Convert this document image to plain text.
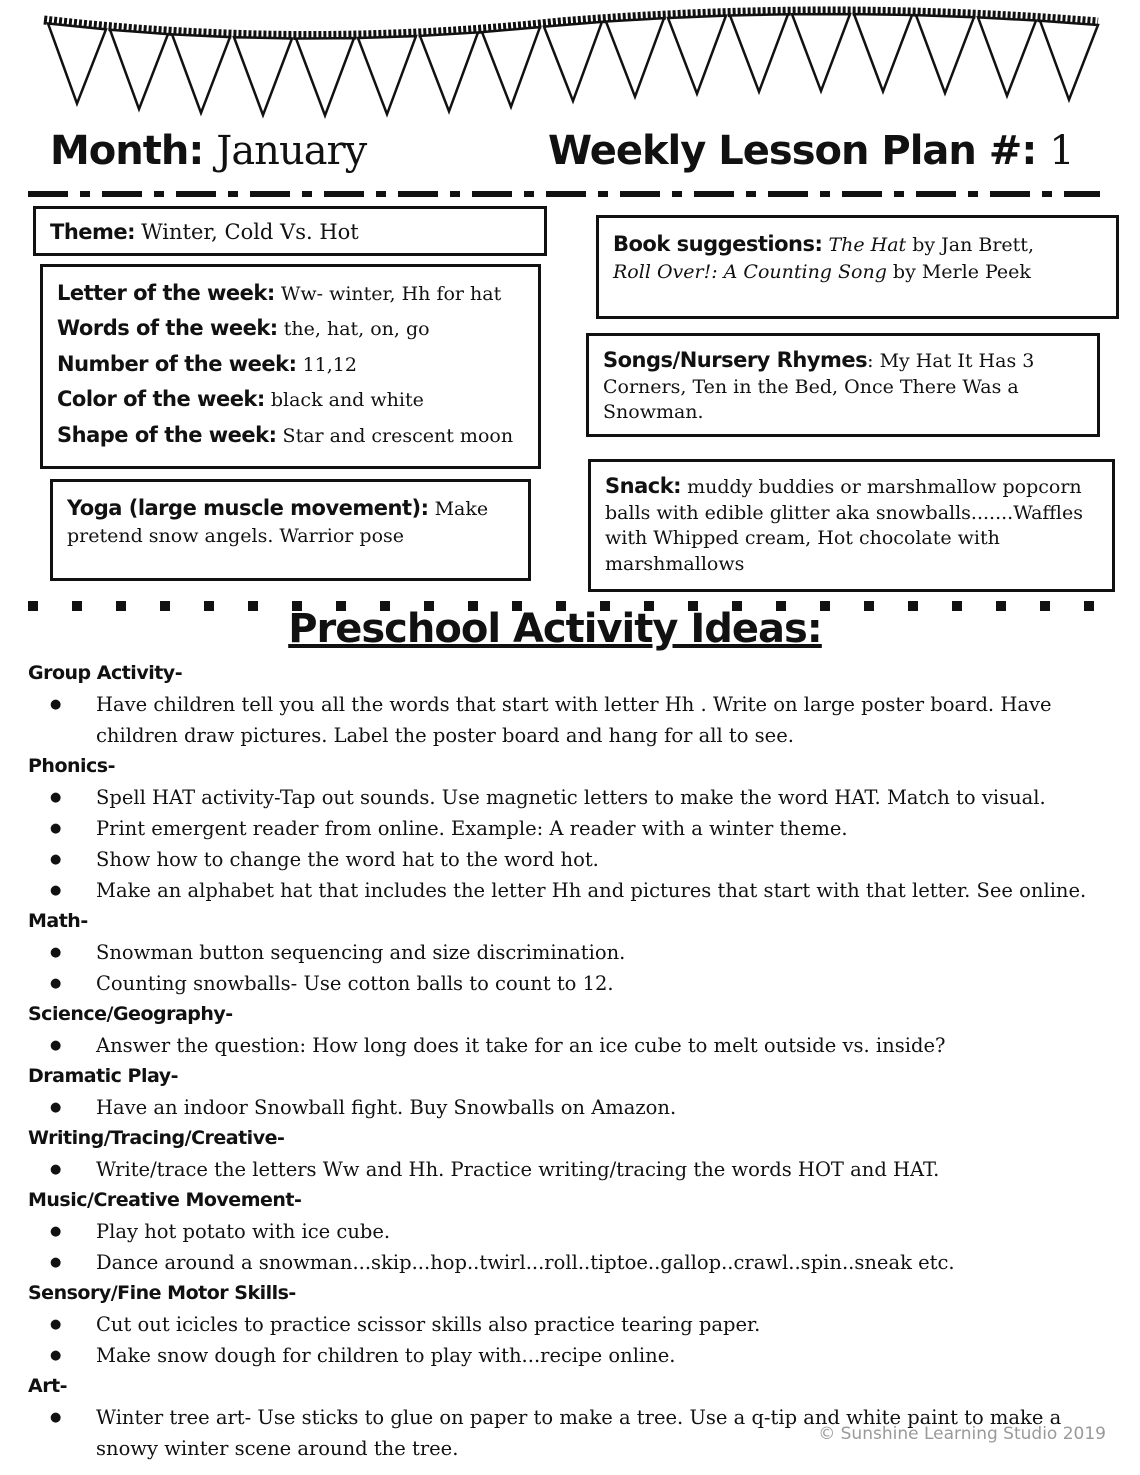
Month: January	Weekly Lesson Plan #: 1
Theme: Winter, Cold Vs. Hot
Letter of the week: Ww- winter, Hh for hat
Words of the week: the, hat, on, go
Number of the week: 11,12
Color of the week: black and white
Shape of the week: Star and crescent moon
Yoga (large muscle movement): Make pretend snow angels. Warrior pose
Book suggestions: The Hat by Jan Brett,
Roll Over!: A Counting Song by Merle Peek
Songs/Nursery Rhymes: My Hat It Has 3 Corners, Ten in the Bed, Once There Was a Snowman.
Snack: muddy buddies or marshmallow popcorn balls with edible glitter aka snowballs.......Waffles with Whipped cream, Hot chocolate with marshmallows
Preschool Activity Ideas:
Group Activity-
● Have children tell you all the words that start with letter Hh . Write on large poster board. Have children draw pictures. Label the poster board and hang for all to see.
Phonics-
● Spell HAT activity-Tap out sounds. Use magnetic letters to make the word HAT. Match to visual.
● Print emergent reader from online. Example: A reader with a winter theme.
● Show how to change the word hat to the word hot.
● Make an alphabet hat that includes the letter Hh and pictures that start with that letter. See online.
Math-
● Snowman button sequencing and size discrimination.
● Counting snowballs- Use cotton balls to count to 12.
Science/Geography-
● Answer the question: How long does it take for an ice cube to melt outside vs. inside?
Dramatic Play-
● Have an indoor Snowball fight. Buy Snowballs on Amazon.
Writing/Tracing/Creative-
● Write/trace the letters Ww and Hh. Practice writing/tracing the words HOT and HAT.
Music/Creative Movement-
● Play hot potato with ice cube.
● Dance around a snowman...skip...hop..twirl...roll..tiptoe..gallop..crawl..spin..sneak etc.
Sensory/Fine Motor Skills-
● Cut out icicles to practice scissor skills also practice tearing paper.
● Make snow dough for children to play with...recipe online.
Art-
● Winter tree art- Use sticks to glue on paper to make a tree. Use a q-tip and white paint to make a snowy winter scene around the tree.
© Sunshine Learning Studio 2019
